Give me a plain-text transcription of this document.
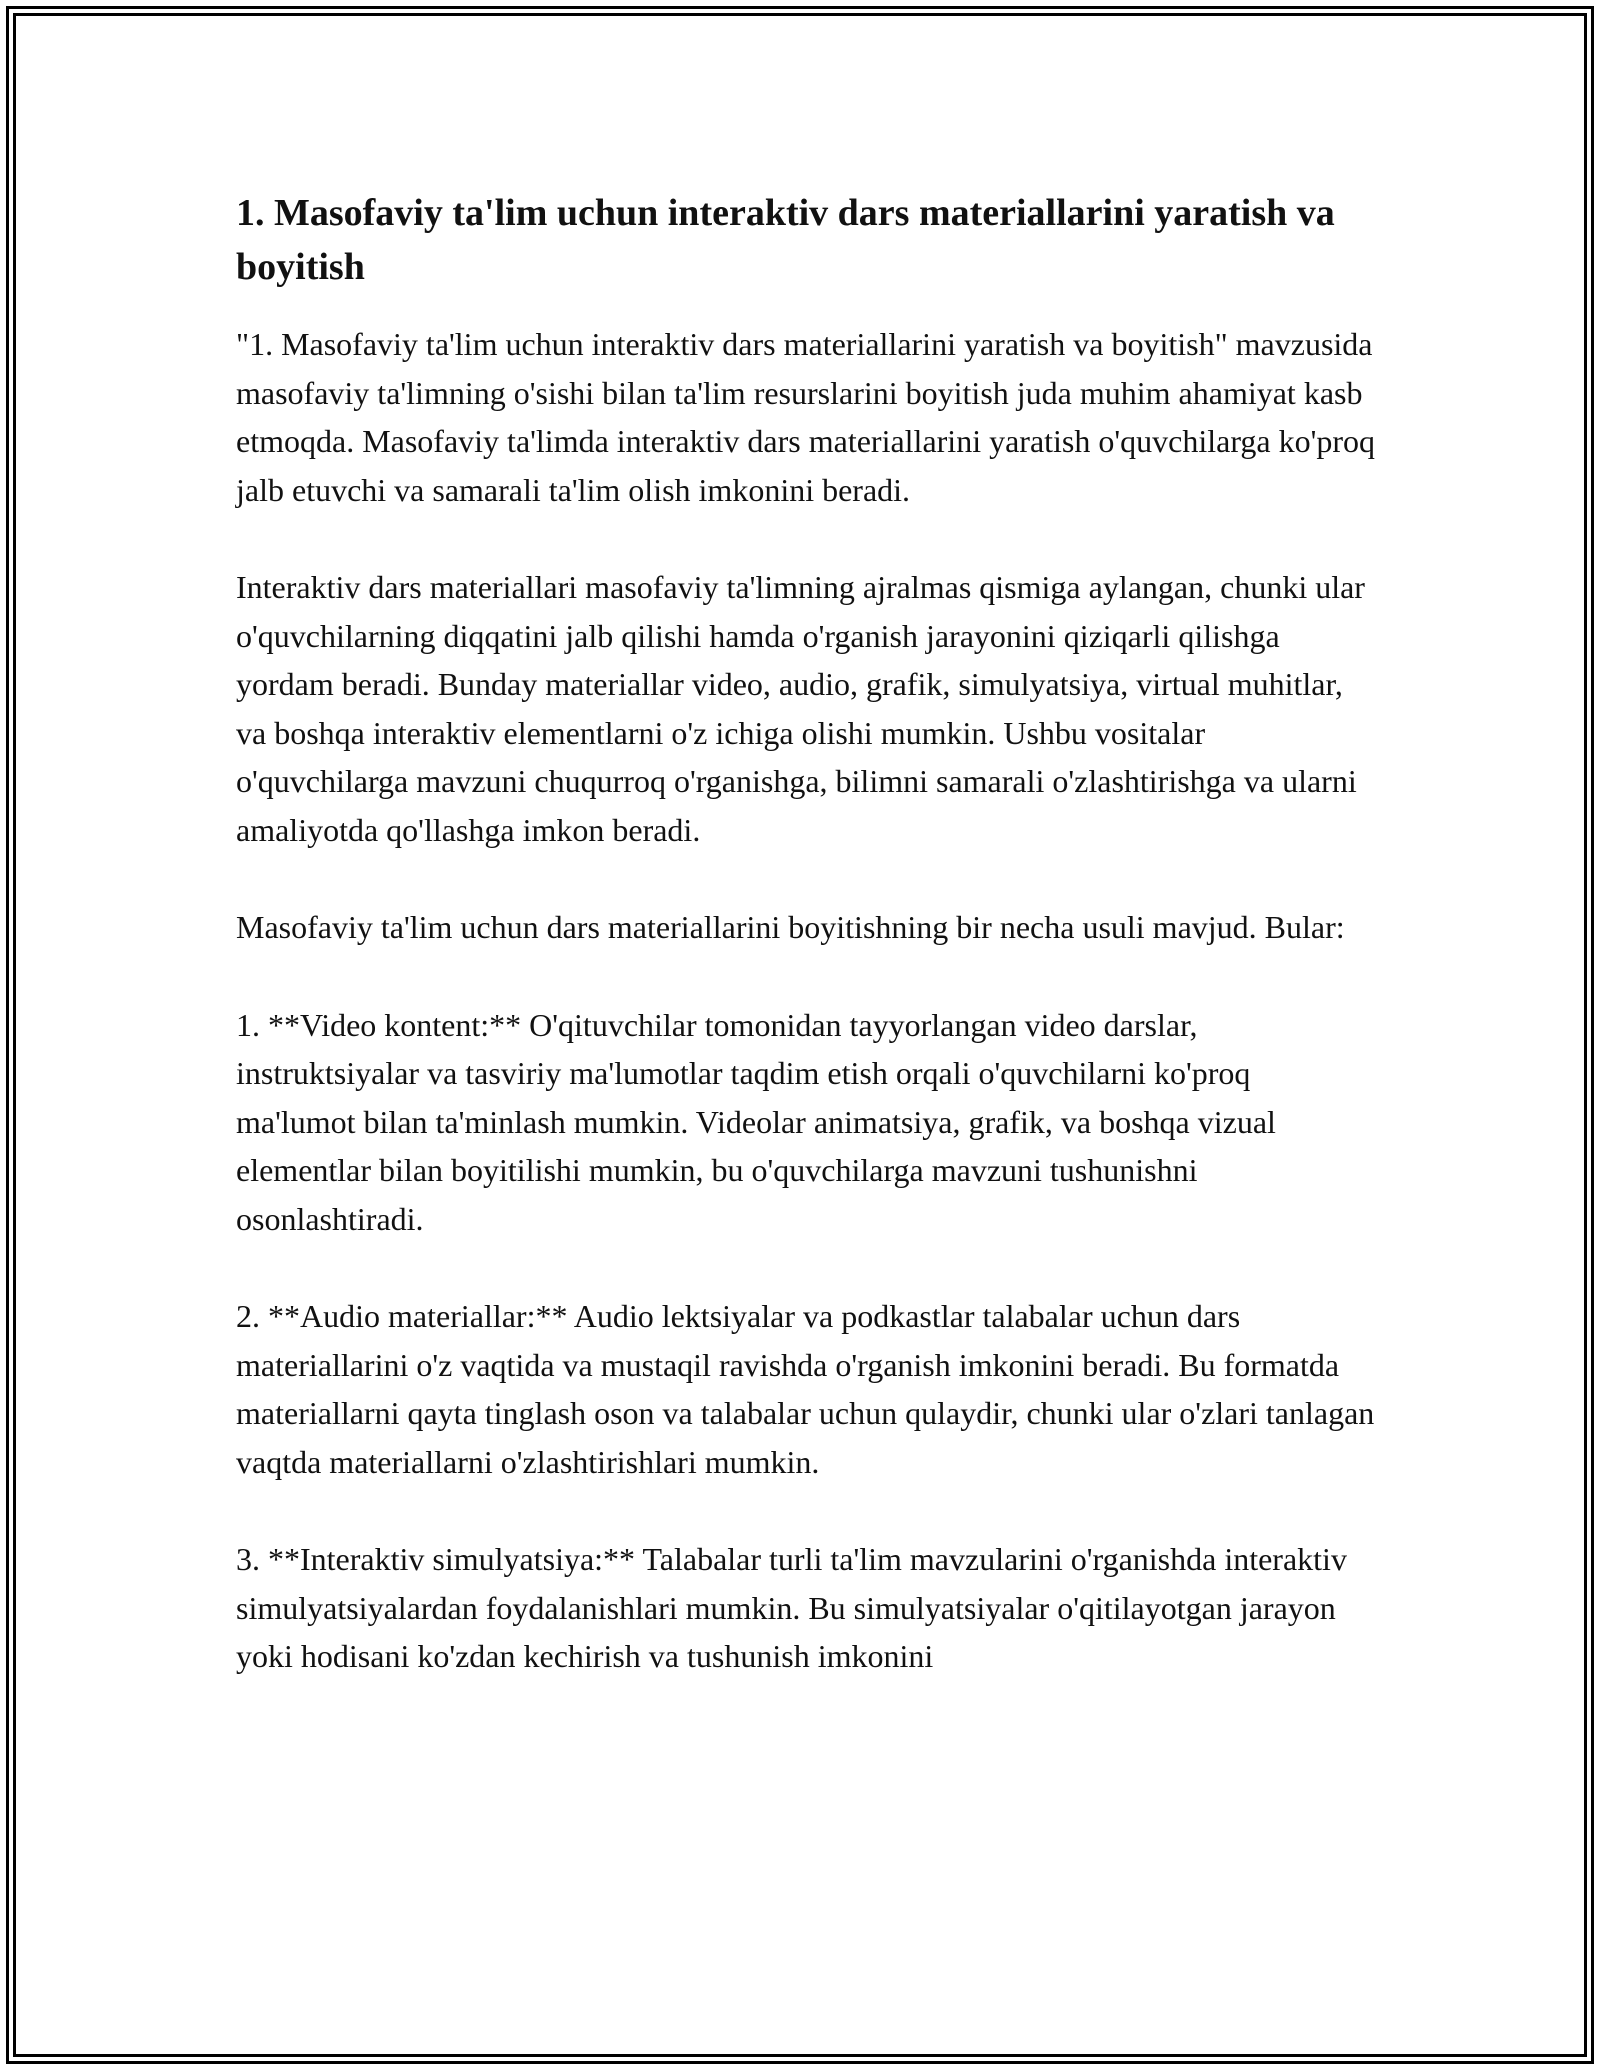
1. Masofaviy ta'lim uchun interaktiv dars materiallarini yaratish va boyitish

"1. Masofaviy ta'lim uchun interaktiv dars materiallarini yaratish va boyitish" mavzusida masofaviy ta'limning o'sishi bilan ta'lim resurslarini boyitish juda muhim ahamiyat kasb etmoqda. Masofaviy ta'limda interaktiv dars materiallarini yaratish o'quvchilarga ko'proq jalb etuvchi va samarali ta'lim olish imkonini beradi.

Interaktiv dars materiallari masofaviy ta'limning ajralmas qismiga aylangan, chunki ular o'quvchilarning diqqatini jalb qilishi hamda o'rganish jarayonini qiziqarli qilishga yordam beradi. Bunday materiallar video, audio, grafik, simulyatsiya, virtual muhitlar, va boshqa interaktiv elementlarni o'z ichiga olishi mumkin. Ushbu vositalar o'quvchilarga mavzuni chuqurroq o'rganishga, bilimni samarali o'zlashtirishga va ularni amaliyotda qo'llashga imkon beradi.

Masofaviy ta'lim uchun dars materiallarini boyitishning bir necha usuli mavjud. Bular:

1. **Video kontent:** O'qituvchilar tomonidan tayyorlangan video darslar, instruktsiyalar va tasviriy ma'lumotlar taqdim etish orqali o'quvchilarni ko'proq ma'lumot bilan ta'minlash mumkin. Videolar animatsiya, grafik, va boshqa vizual elementlar bilan boyitilishi mumkin, bu o'quvchilarga mavzuni tushunishni osonlashtiradi.

2. **Audio materiallar:** Audio lektsiyalar va podkastlar talabalar uchun dars materiallarini o'z vaqtida va mustaqil ravishda o'rganish imkonini beradi. Bu formatda materiallarni qayta tinglash oson va talabalar uchun qulaydir, chunki ular o'zlari tanlagan vaqtda materiallarni o'zlashtirishlari mumkin.

3. **Interaktiv simulyatsiya:** Talabalar turli ta'lim mavzularini o'rganishda interaktiv simulyatsiyalardan foydalanishlari mumkin. Bu simulyatsiyalar o'qitilayotgan jarayon yoki hodisani ko'zdan kechirish va tushunish imkonini
